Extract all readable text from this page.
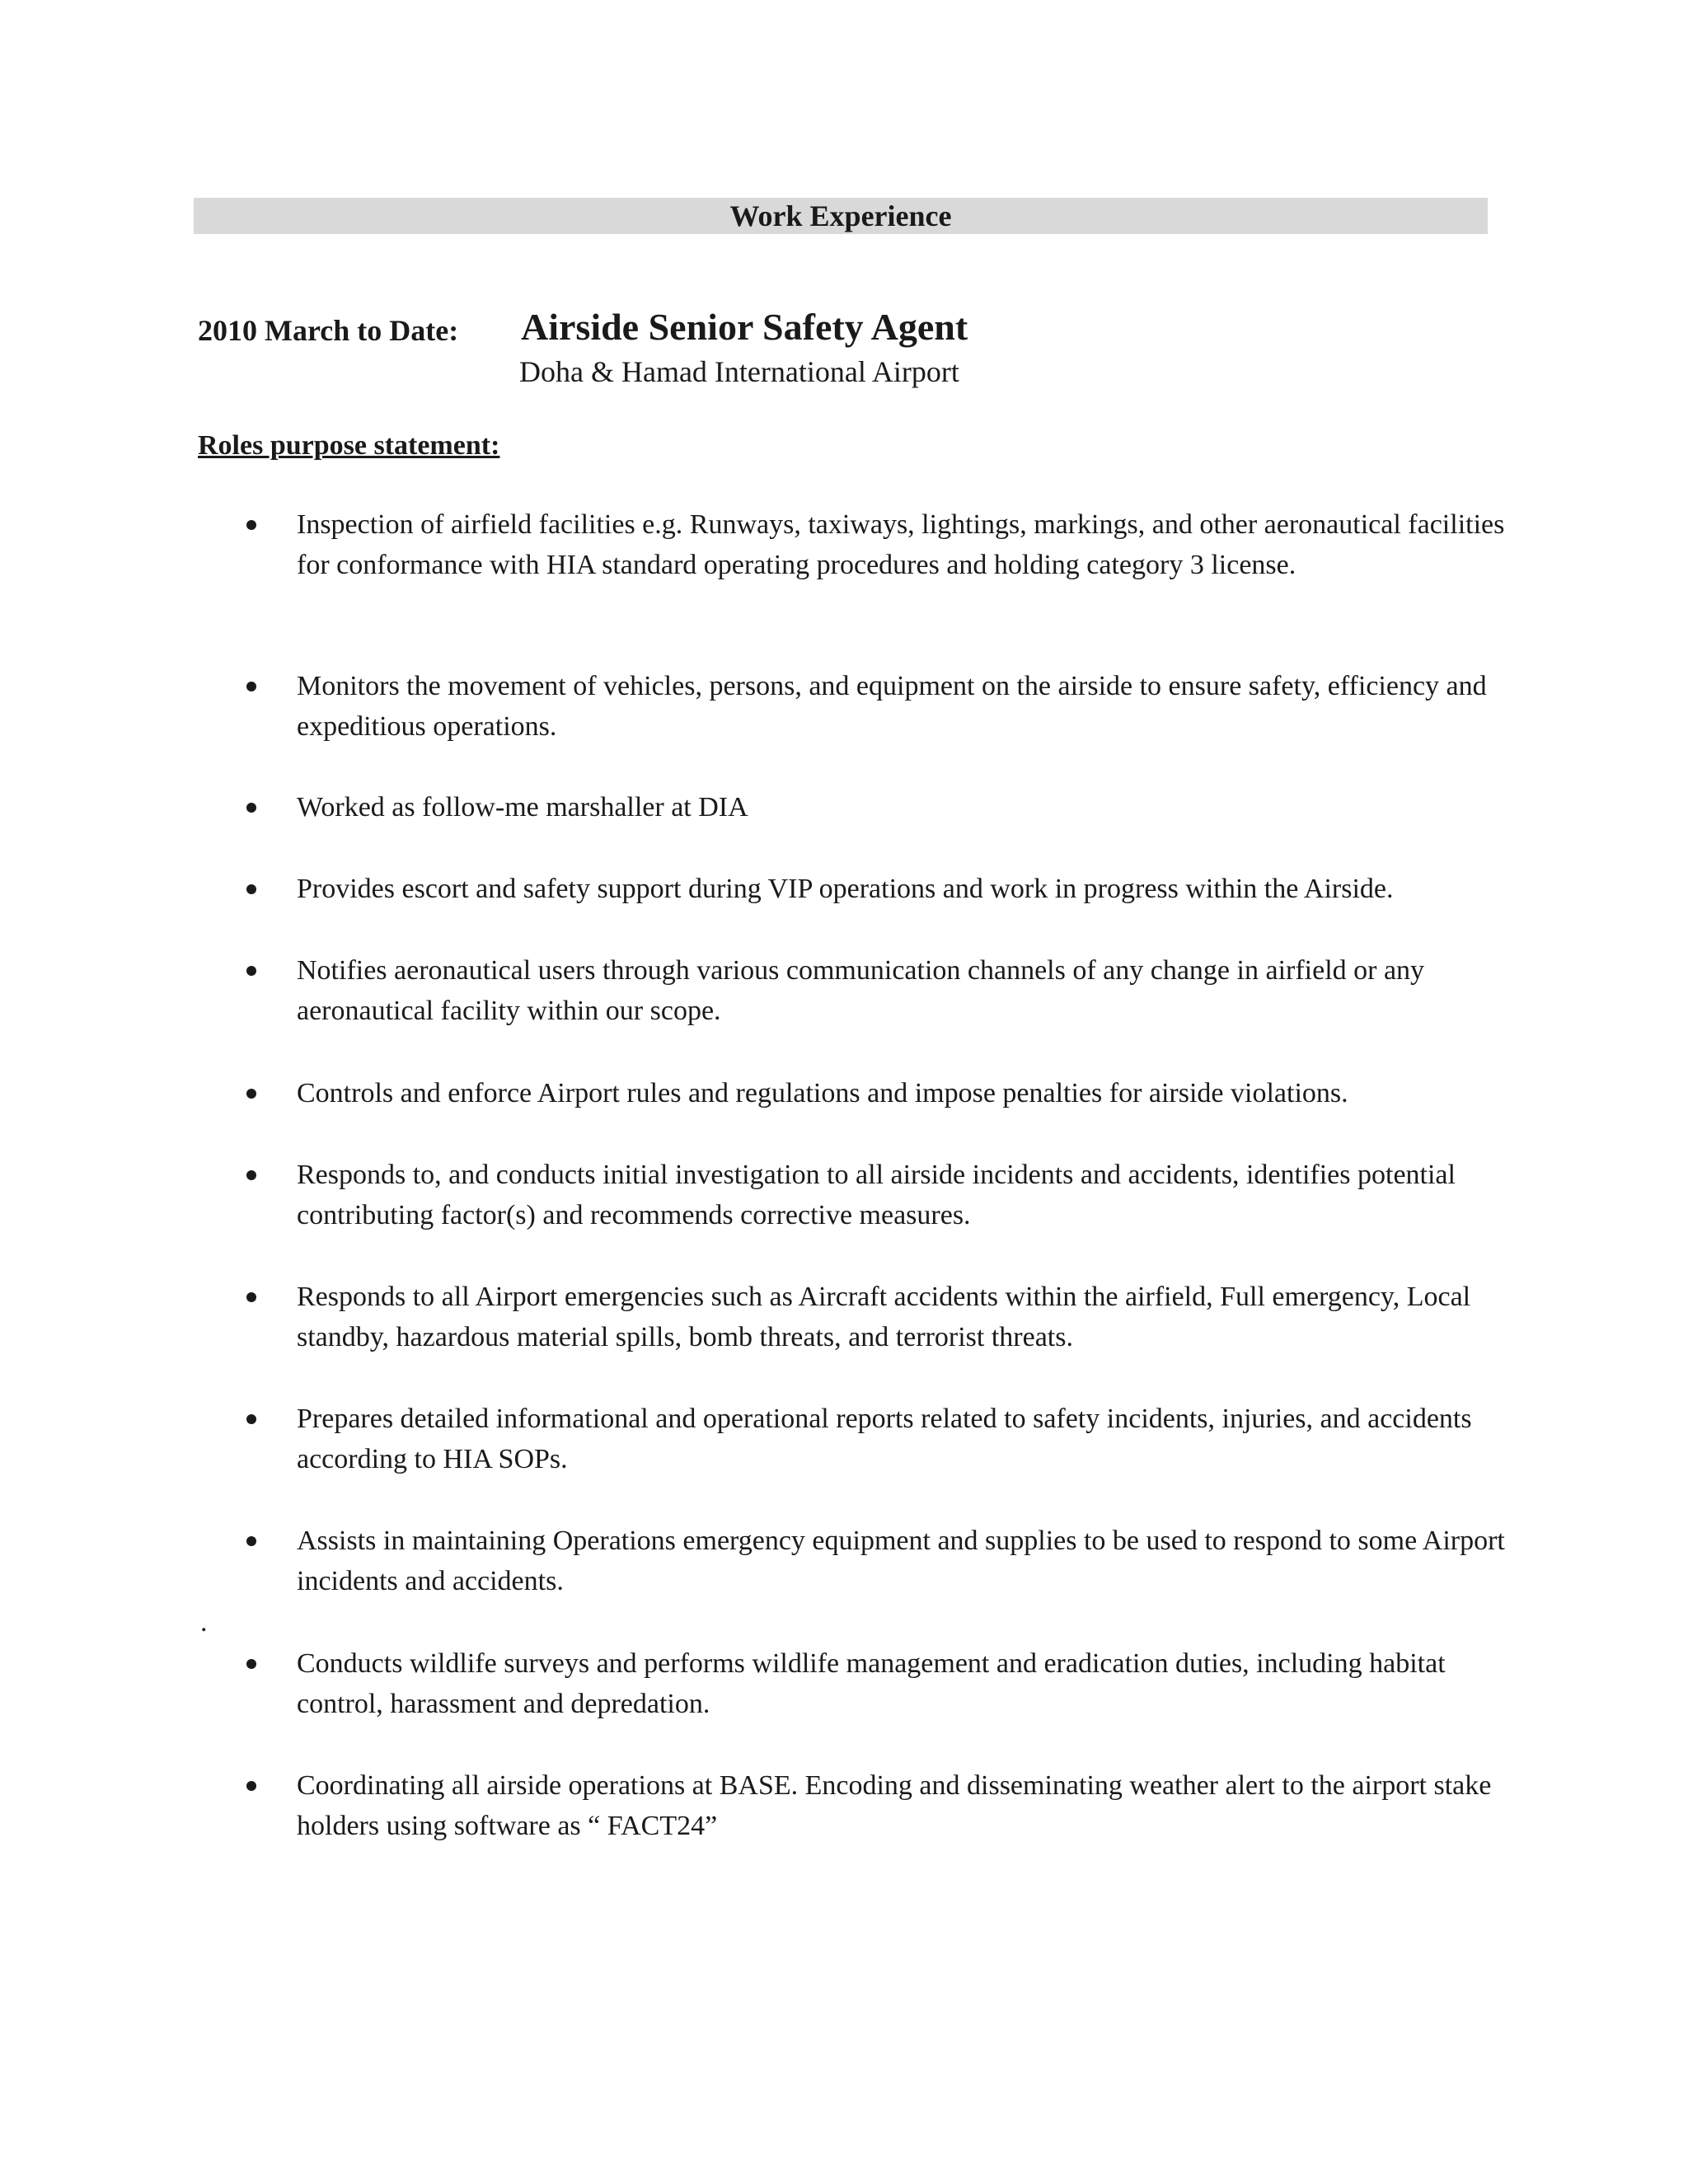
Work Experience
2010 March to Date: Airside Senior Safety Agent
Doha & Hamad International Airport
Roles purpose statement:
Inspection of airfield facilities e.g. Runways, taxiways, lightings, markings, and other aeronautical facilities for conformance with HIA standard operating procedures and holding category 3 license.
Monitors the movement of vehicles, persons, and equipment on the airside to ensure safety, efficiency and expeditious operations.
Worked as follow-me marshaller at DIA
Provides escort and safety support during VIP operations and work in progress within the Airside.
Notifies aeronautical users through various communication channels of any change in airfield or any aeronautical facility within our scope.
Controls and enforce Airport rules and regulations and impose penalties for airside violations.
Responds to, and conducts initial investigation to all airside incidents and accidents, identifies potential contributing factor(s) and recommends corrective measures.
Responds to all Airport emergencies such as Aircraft accidents within the airfield, Full emergency, Local standby, hazardous material spills, bomb threats, and terrorist threats.
Prepares detailed informational and operational reports related to safety incidents, injuries, and accidents according to HIA SOPs.
Assists in maintaining Operations emergency equipment and supplies to be used to respond to some Airport incidents and accidents.
Conducts wildlife surveys and performs wildlife management and eradication duties, including habitat control, harassment and depredation.
Coordinating all airside operations at BASE. Encoding and disseminating weather alert to the airport stake holders using software as “ FACT24”
.
